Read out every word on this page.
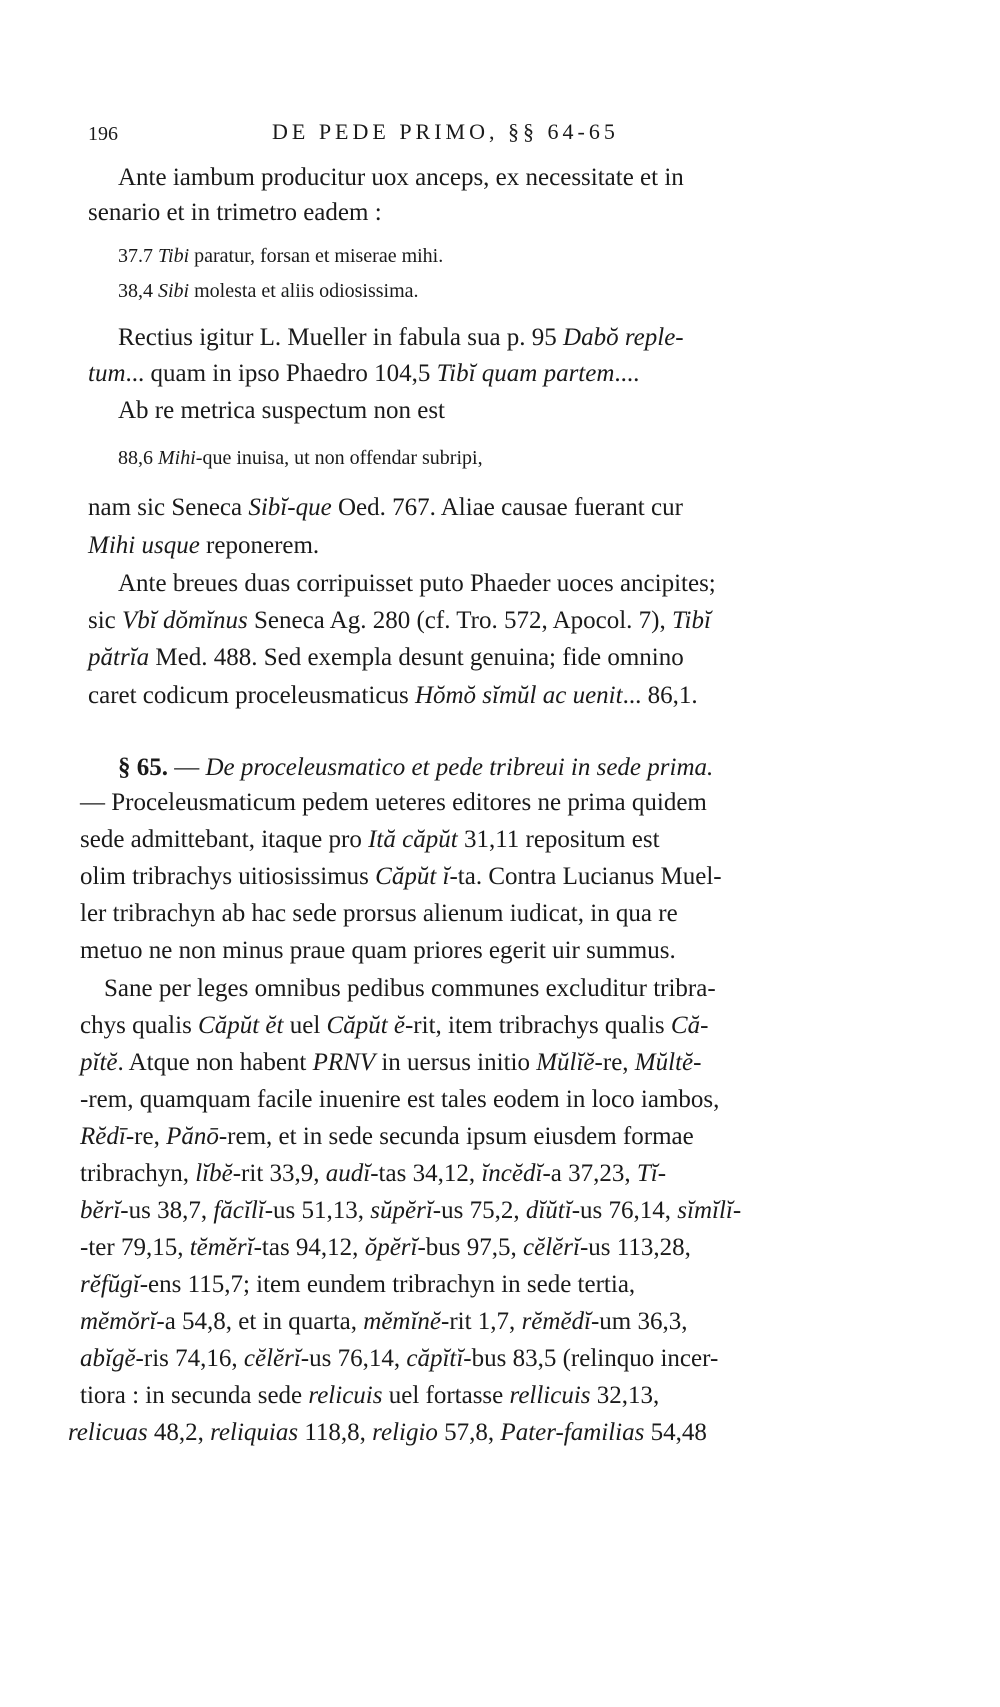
196	DE PEDE PRIMO, §§ 64-65
Ante iambum producitur uox anceps, ex necessitate et in
senario et in trimetro eadem :
37.7 Tibi paratur, forsan et miserae mihi.
38,4 Sibi molesta et aliis odiosissima.
Rectius igitur L. Mueller in fabula sua p. 95 Dabŏ reple-
tum... quam in ipso Phaedro 104,5 Tibĭ quam partem....
Ab re metrica suspectum non est
88,6 Mihi-que inuisa, ut non offendar subripi,
nam sic Seneca Sibĭ-que Oed. 767. Aliae causae fuerant cur
Mihi usque reponerem.
Ante breues duas corripuisset puto Phaeder uoces ancipites;
sic Vbĭ dŏmĭnus Seneca Ag. 280 (cf. Tro. 572, Apocol. 7), Tibĭ
pătrĭa Med. 488. Sed exempla desunt genuina; fide omnino
caret codicum proceleusmaticus Hŏmŏ sĭmŭl ac uenit... 86,1.
§ 65. — De proceleusmatico et pede tribreui in sede prima.
— Proceleusmaticum pedem ueteres editores ne prima quidem
sede admittebant, itaque pro Ită căpŭt 31,11 repositum est
olim tribrachys uitiosissimus Căpŭt ĭ-ta. Contra Lucianus Muel-
ler tribrachyn ab hac sede prorsus alienum iudicat, in qua re
metuo ne non minus praue quam priores egerit uir summus.
Sane per leges omnibus pedibus communes excluditur tribra-
chys qualis Căpŭt ĕt uel Căpŭt ĕ-rit, item tribrachys qualis Că-
pĭtĕ. Atque non habent PRNV in uersus initio Mŭlĭĕ-re, Mŭltĕ-
-rem, quamquam facile inuenire est tales eodem in loco iambos,
Rĕdī-re, Pănō-rem, et in sede secunda ipsum eiusdem formae
tribrachyn, lĭbĕ-rit 33,9, audĭ-tas 34,12, ĭncĕdĭ-a 37,23, Tĭ-
bĕrĭ-us 38,7, făcĭlĭ-us 51,13, sŭpĕrĭ-us 75,2, dĭŭtĭ-us 76,14, sĭmĭlĭ-
-ter 79,15, tĕmĕrĭ-tas 94,12, ŏpĕrĭ-bus 97,5, cĕlĕrĭ-us 113,28,
rĕfŭgĭ-ens 115,7; item eundem tribrachyn in sede tertia,
mĕmŏrĭ-a 54,8, et in quarta, mĕmĭnĕ-rit 1,7, rĕmĕdĭ-um 36,3,
abĭgĕ-ris 74,16, cĕlĕrĭ-us 76,14, căpĭtĭ-bus 83,5 (relinquo incer-
tiora : in secunda sede relicuis uel fortasse rellicuis 32,13,
relicuas 48,2, reliquias 118,8, religio 57,8, Pater-familias 54,48
